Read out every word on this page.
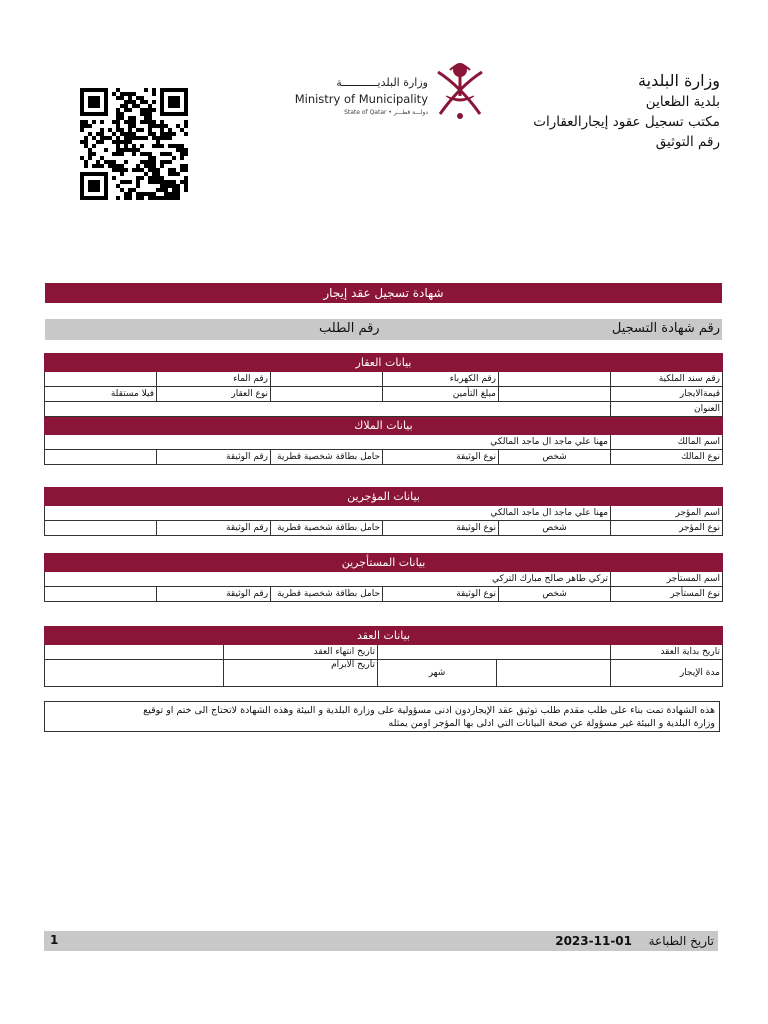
وزارة البلدية
بلدية الظعاين
مكتب تسجيل عقود إيجارالعقارات
رقم التوثيق
وزارة البلديـــــــــــة
Ministry of Municipality
State of Qatar • دولـــة قطـــر
شهادة تسجيل عقد إيجار
رقم شهادة التسجيل
رقم الطلب
بيانات العقار					
رقم سند الملكية		رقم الكهرباء		رقم الماء	
قيمةالايجار		مبلغ التأمين		نوع العقار	فيلا مستقلة
العنوان					
بيانات الملاك					
اسم المالك	مهنا علي ماجد ال ماجد المالكي				
نوع المالك	شخص	نوع الوثيقة	حامل بطاقة شخصية قطرية	رقم الوثيقة	
بيانات المؤجرين					
اسم المؤجر	مهنا علي ماجد ال ماجد المالكي				
نوع المؤجر	شخص	نوع الوثيقة	حامل بطاقة شخصية قطرية	رقم الوثيقة	
بيانات المستأجرين					
اسم المستأجر	تركي طاهر صالح مبارك التركي				
نوع المستأجر	شخص	نوع الوثيقة	حامل بطاقة شخصية قطرية	رقم الوثيقة	
بيانات العقد				
تاريخ بداية العقد			تاريخ انتهاء العقد	
مدة الإيجار		شهر	تاريخ الابرام	
هذه الشهادة تمت بناء على طلب مقدم طلب توثيق عقد الإيجاردون ادنى مسؤولية على وزارة البلدية و البيئة وهذه الشهادة لاتحتاج الى ختم او توقيع
وزارة البلدية و البيئة غير مسؤولة عن صحة البيانات التي ادلى بها المؤجر اومن يمثله
1	تاريخ الطباعة
2023-11-01
